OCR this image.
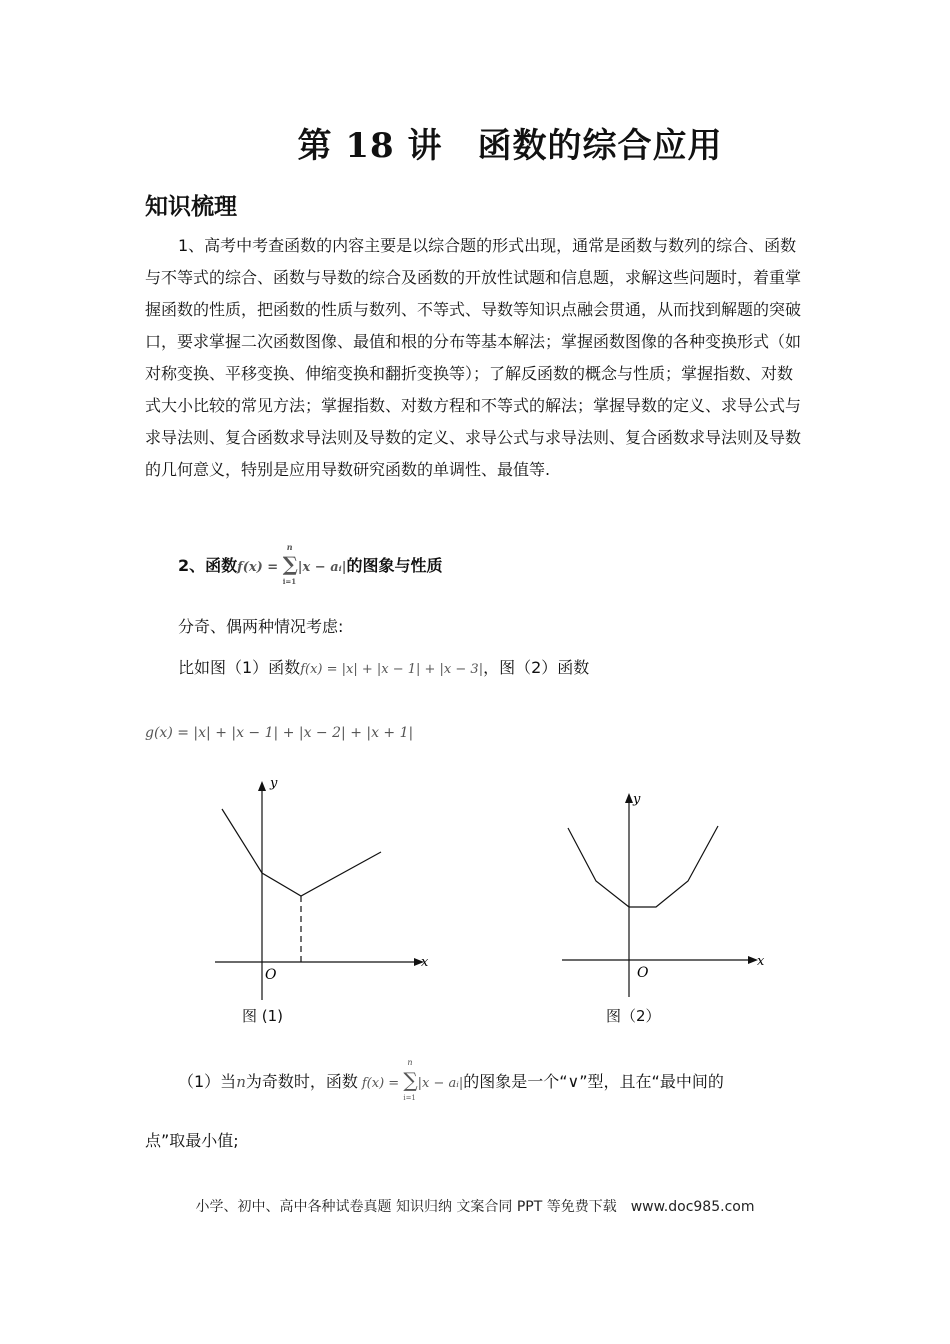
第 18 讲　函数的综合应用
知识梳理
1、高考中考查函数的内容主要是以综合题的形式出现，通常是函数与数列的综合、函数与不等式的综合、函数与导数的综合及函数的开放性试题和信息题，求解这些问题时，着重掌握函数的性质，把函数的性质与数列、不等式、导数等知识点融会贯通，从而找到解题的突破口，要求掌握二次函数图像、最值和根的分布等基本解法；掌握函数图像的各种变换形式（如对称变换、平移变换、伸缩变换和翻折变换等）；了解反函数的概念与性质；掌握指数、对数式大小比较的常见方法；掌握指数、对数方程和不等式的解法；掌握导数的定义、求导公式与求导法则、复合函数求导法则及导数的定义、求导公式与求导法则、复合函数求导法则及导数的几何意义，特别是应用导数研究函数的单调性、最值等.
2、函数f(x) = ∑
n
i=1
|x − aᵢ|的图象与性质
分奇、偶两种情况考虑:
比如图（1）函数f(x) = |x| + |x − 1| + |x − 3|，图（2）函数
g(x) = |x| + |x − 1| + |x − 2| + |x + 1|
y
x
O
图 (1)
y
x
O
图（2）
（1）当n为奇数时，函数 f(x) = ∑
n
i=1
|x − aᵢ|的图象是一个“∨”型，且在“最中间的
点”取最小值;
小学、初中、高中各种试卷真题 知识归纳 文案合同 PPT 等免费下载　www.doc985.com
